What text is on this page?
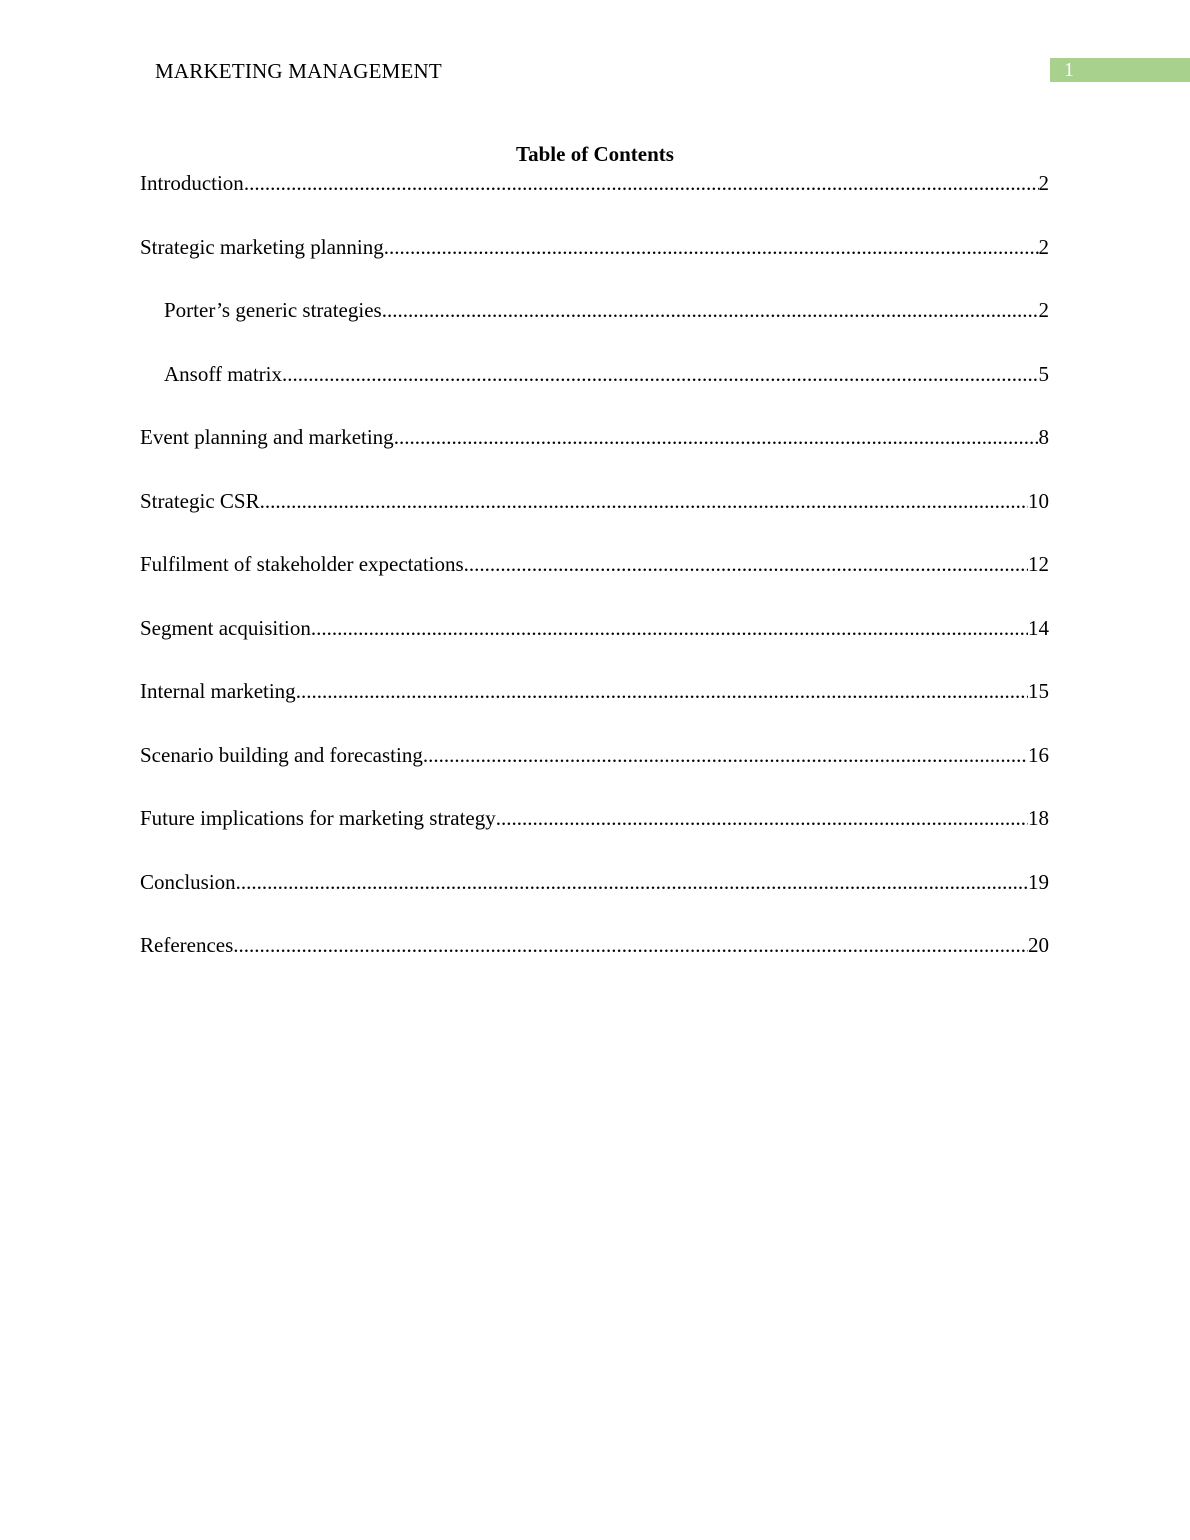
MARKETING MANAGEMENT	1
Table of Contents
Introduction .....	2
Strategic marketing planning .....	2
Porter’s generic strategies .....	2
Ansoff matrix .....	5
Event planning and marketing .....	8
Strategic CSR .....	10
Fulfilment of stakeholder expectations .....	12
Segment acquisition .....	14
Internal marketing .....	15
Scenario building and forecasting .....	16
Future implications for marketing strategy .....	18
Conclusion .....	19
References .....	20
